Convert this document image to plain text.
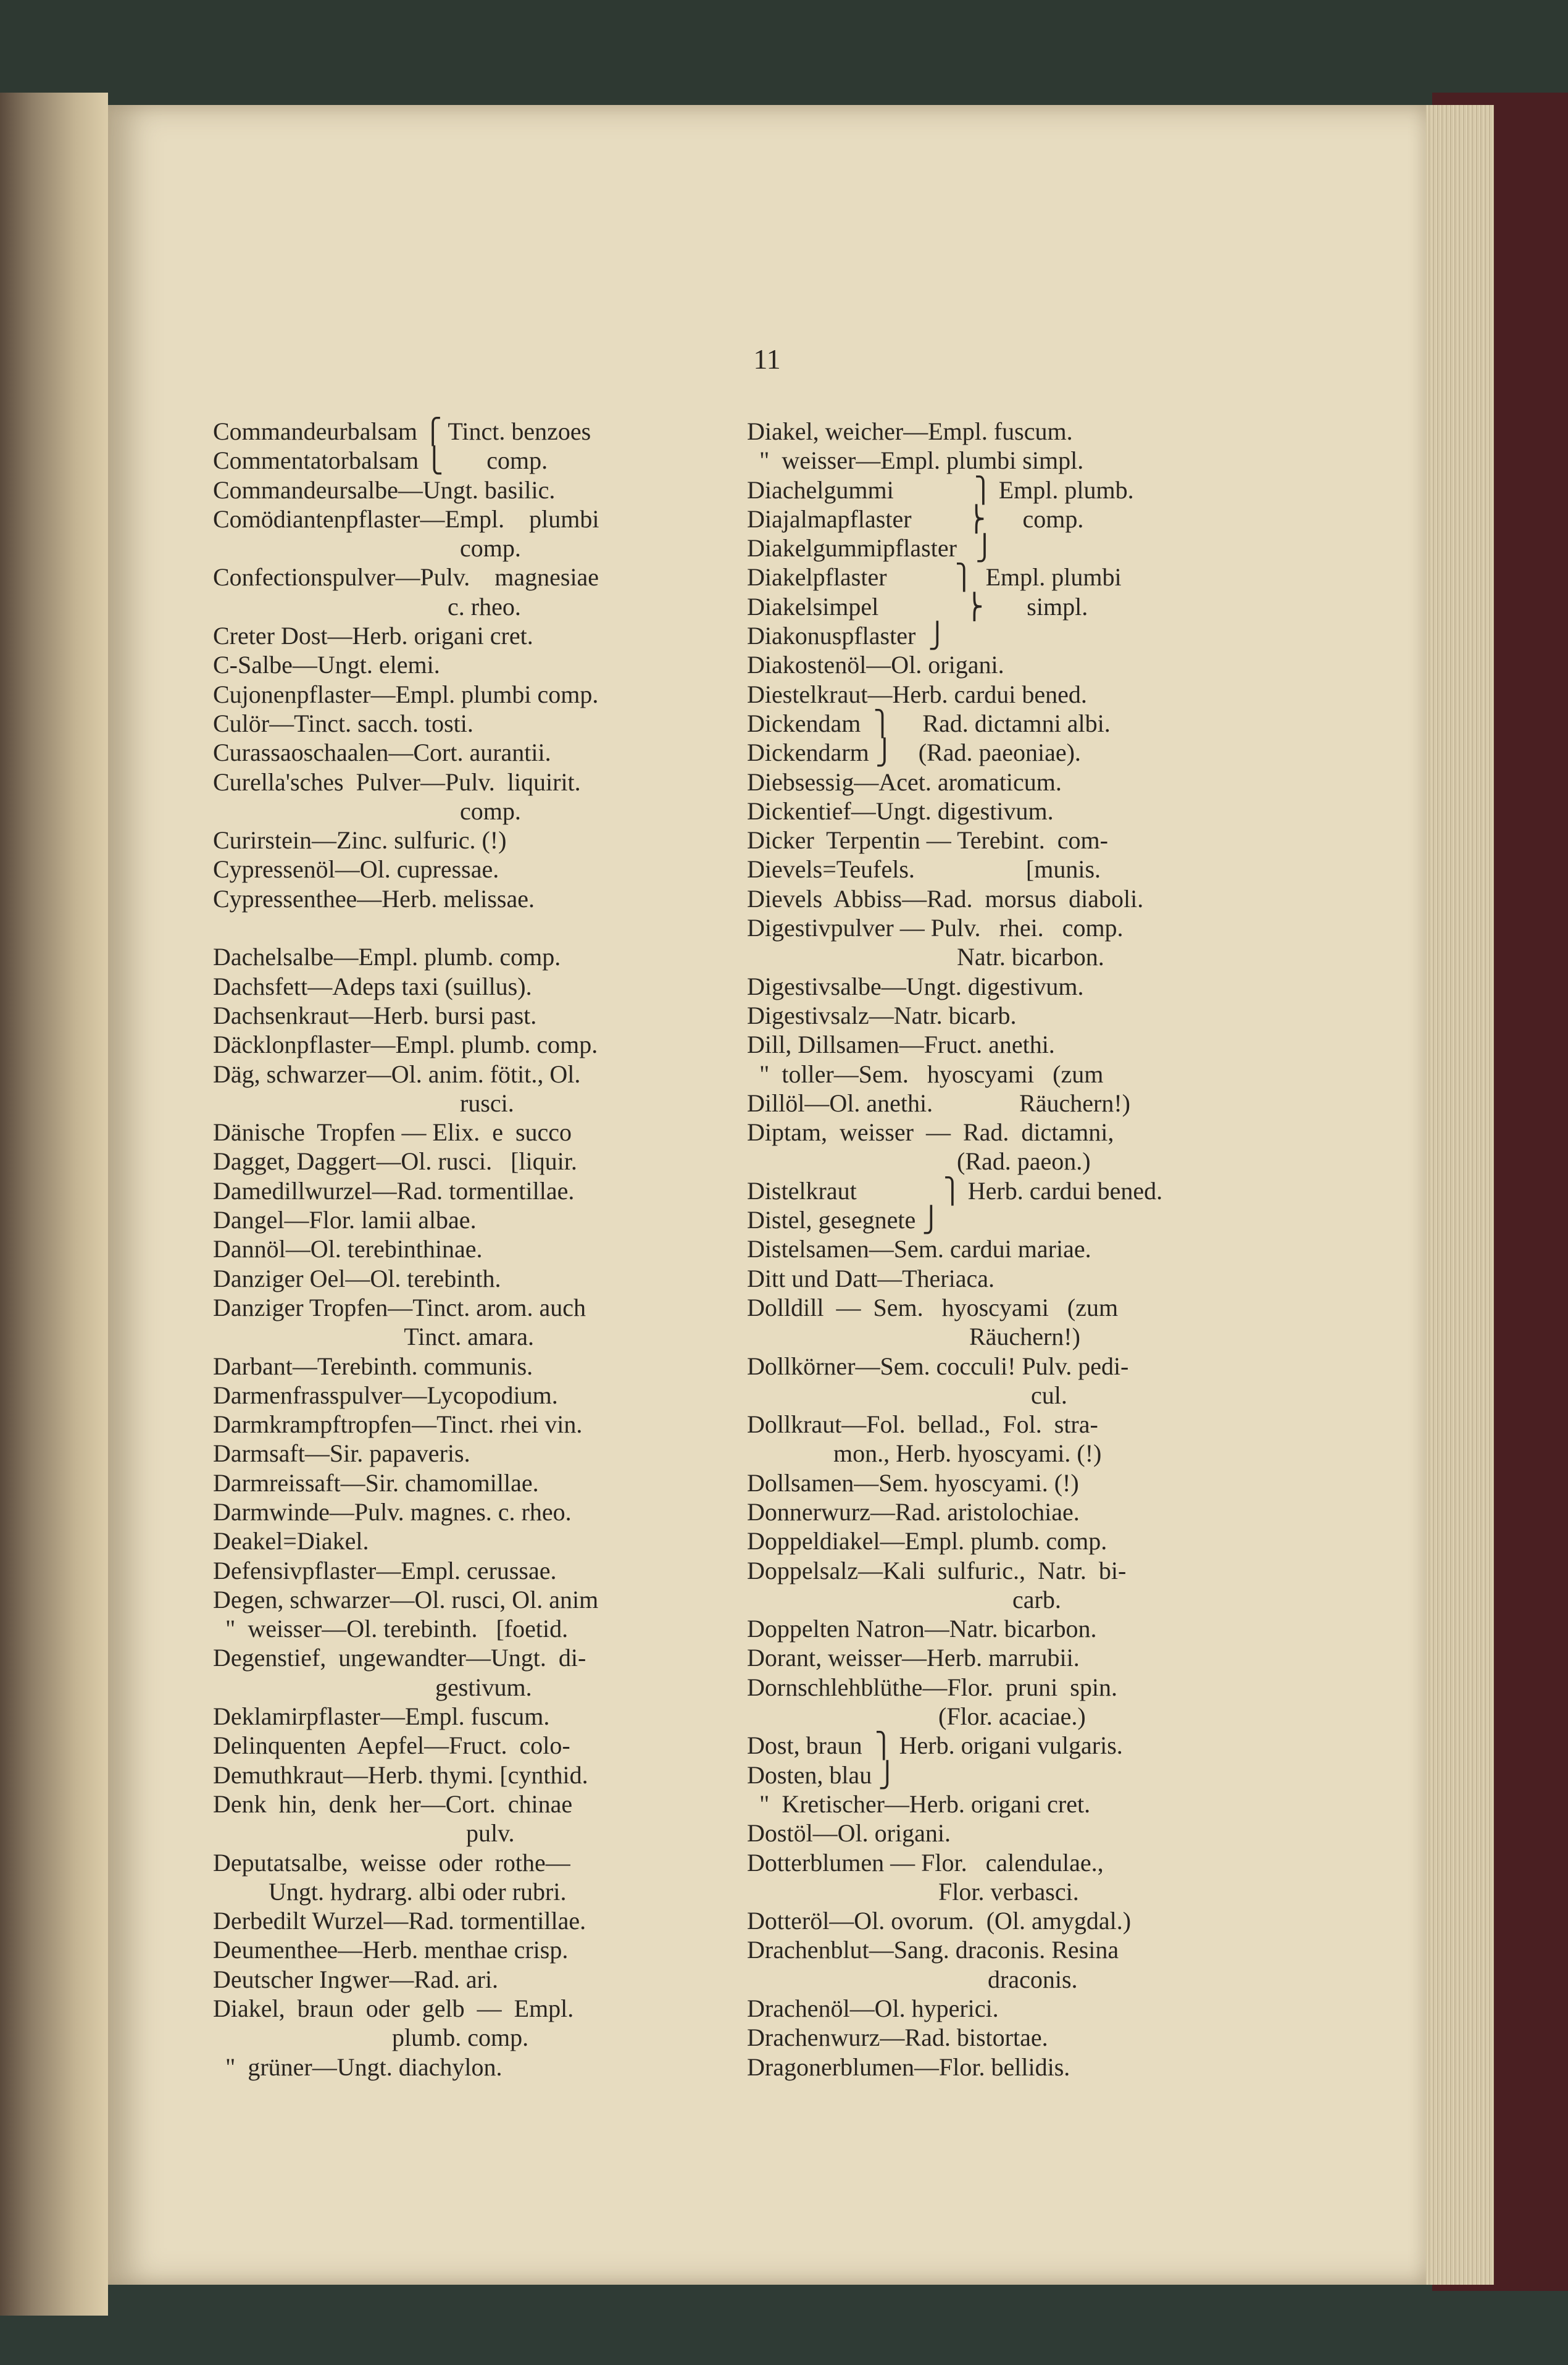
11
Commandeurbalsam ⎧ Tinct. benzoes
Commentatorbalsam ⎩       comp.
Commandeursalbe—Ungt. basilic.
Comödiantenpflaster—Empl.    plumbi
comp.
Confectionspulver—Pulv.    magnesiae
c. rheo.
Creter Dost—Herb. origani cret.
C-Salbe—Ungt. elemi.
Cujonenpflaster—Empl. plumbi comp.
Culör—Tinct. sacch. tosti.
Curassaoschaalen—Cort. aurantii.
Curella'sches  Pulver—Pulv.  liquirit.
comp.
Curirstein—Zinc. sulfuric. (!)
Cypressenöl—Ol. cupressae.
Cypressenthee—Herb. melissae.
Dachelsalbe—Empl. plumb. comp.
Dachsfett—Adeps taxi (suillus).
Dachsenkraut—Herb. bursi past.
Däcklonpflaster—Empl. plumb. comp.
Däg, schwarzer—Ol. anim. fötit., Ol.
rusci.
Dänische  Tropfen — Elix.  e  succo
Dagget, Daggert—Ol. rusci.   [liquir.
Damedillwurzel—Rad. tormentillae.
Dangel—Flor. lamii albae.
Dannöl—Ol. terebinthinae.
Danziger Oel—Ol. terebinth.
Danziger Tropfen—Tinct. arom. auch
Tinct. amara.
Darbant—Terebinth. communis.
Darmenfrasspulver—Lycopodium.
Darmkrampftropfen—Tinct. rhei vin.
Darmsaft—Sir. papaveris.
Darmreissaft—Sir. chamomillae.
Darmwinde—Pulv. magnes. c. rheo.
Deakel=Diakel.
Defensivpflaster—Empl. cerussae.
Degen, schwarzer—Ol. rusci, Ol. anim
"  weisser—Ol. terebinth.   [foetid.
Degenstief,  ungewandter—Ungt.  di-
gestivum.
Deklamirpflaster—Empl. fuscum.
Delinquenten  Aepfel—Fruct.  colo-
Demuthkraut—Herb. thymi. [cynthid.
Denk  hin,  denk  her—Cort.  chinae
pulv.
Deputatsalbe,  weisse  oder  rothe—
Ungt. hydrarg. albi oder rubri.
Derbedilt Wurzel—Rad. tormentillae.
Deumenthee—Herb. menthae crisp.
Deutscher Ingwer—Rad. ari.
Diakel,  braun  oder  gelb  —  Empl.
plumb. comp.
"  grüner—Ungt. diachylon.
Diakel, weicher—Empl. fuscum.
"  weisser—Empl. plumbi simpl.
Diachelgummi             ⎫ Empl. plumb.
Diajalmapflaster         ⎬      comp.
Diakelgummipflaster   ⎭
Diakelpflaster           ⎫  Empl. plumbi
Diakelsimpel              ⎬       simpl.
Diakonuspflaster  ⎭
Diakostenöl—Ol. origani.
Diestelkraut—Herb. cardui bened.
Dickendam  ⎫     Rad. dictamni albi.
Dickendarm ⎭    (Rad. paeoniae).
Diebsessig—Acet. aromaticum.
Dickentief—Ungt. digestivum.
Dicker  Terpentin — Terebint.  com-
Dievels=Teufels.                  [munis.
Dievels  Abbiss—Rad.  morsus  diaboli.
Digestivpulver — Pulv.   rhei.   comp.
Natr. bicarbon.
Digestivsalbe—Ungt. digestivum.
Digestivsalz—Natr. bicarb.
Dill, Dillsamen—Fruct. anethi.
"  toller—Sem.   hyoscyami   (zum
Dillöl—Ol. anethi.              Räuchern!)
Diptam,  weisser  —  Rad.  dictamni,
(Rad. paeon.)
Distelkraut              ⎫ Herb. cardui bened.
Distel, gesegnete ⎭
Distelsamen—Sem. cardui mariae.
Ditt und Datt—Theriaca.
Dolldill  —  Sem.   hyoscyami   (zum
Räuchern!)
Dollkörner—Sem. cocculi! Pulv. pedi-
cul.
Dollkraut—Fol.  bellad.,  Fol.  stra-
mon., Herb. hyoscyami. (!)
Dollsamen—Sem. hyoscyami. (!)
Donnerwurz—Rad. aristolochiae.
Doppeldiakel—Empl. plumb. comp.
Doppelsalz—Kali  sulfuric.,  Natr.  bi-
carb.
Doppelten Natron—Natr. bicarbon.
Dorant, weisser—Herb. marrubii.
Dornschlehblüthe—Flor.  pruni  spin.
(Flor. acaciae.)
Dost, braun  ⎫ Herb. origani vulgaris.
Dosten, blau ⎭
"  Kretischer—Herb. origani cret.
Dostöl—Ol. origani.
Dotterblumen — Flor.   calendulae.,
Flor. verbasci.
Dotteröl—Ol. ovorum.  (Ol. amygdal.)
Drachenblut—Sang. draconis. Resina
draconis.
Drachenöl—Ol. hyperici.
Drachenwurz—Rad. bistortae.
Dragonerblumen—Flor. bellidis.
